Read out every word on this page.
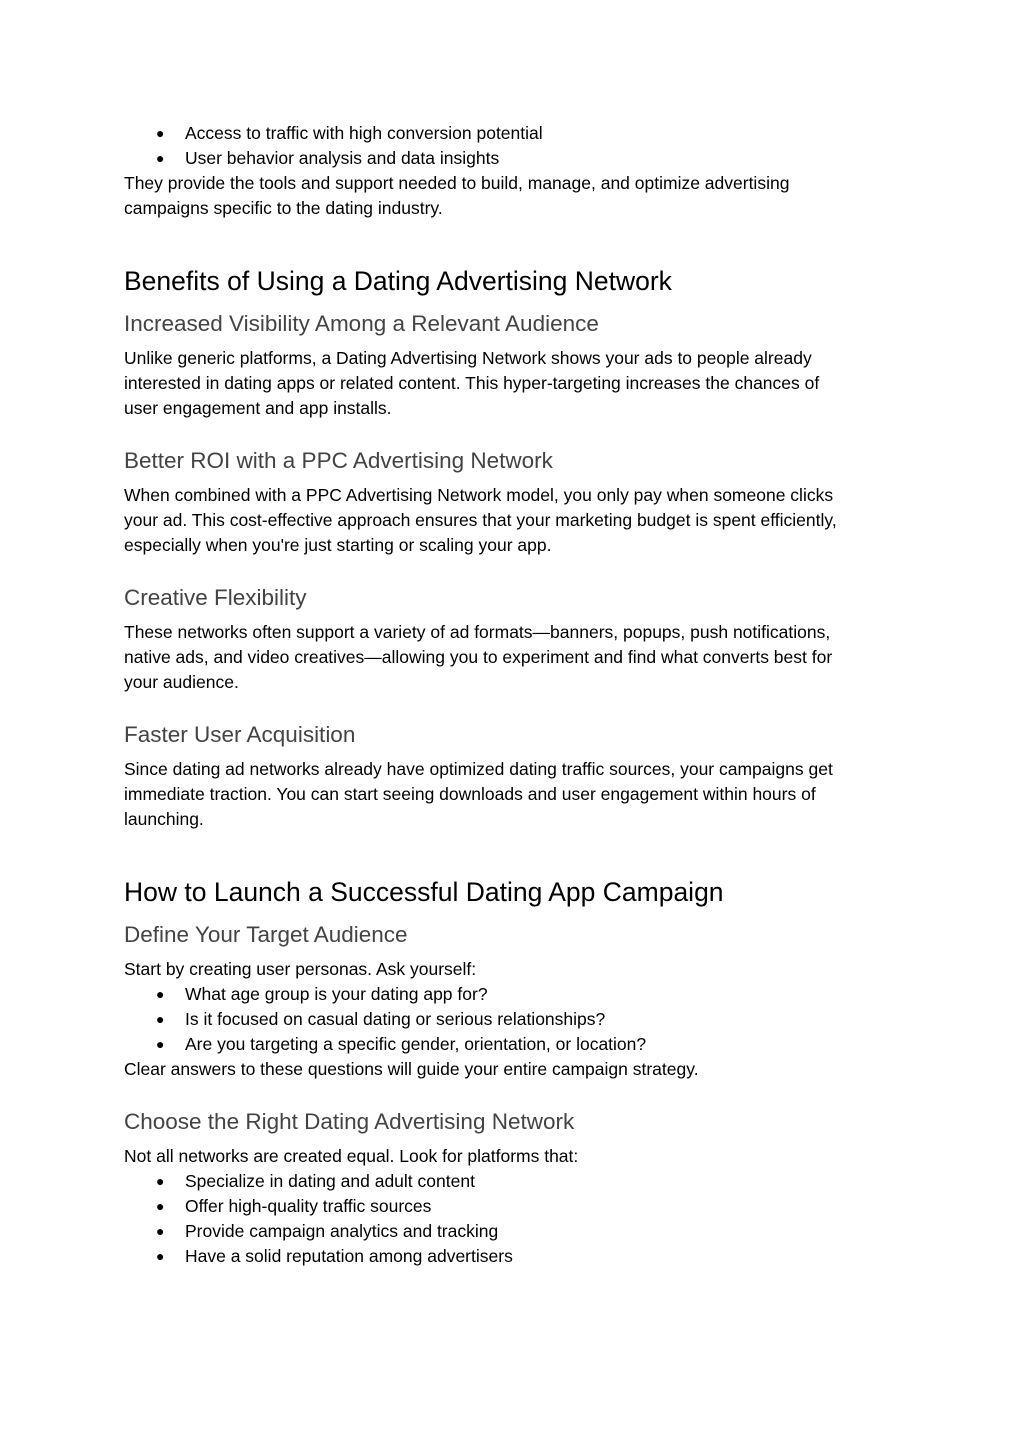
● Access to traffic with high conversion potential
● User behavior analysis and data insights

They provide the tools and support needed to build, manage, and optimize advertising
campaigns specific to the dating industry.

Benefits of Using a Dating Advertising Network
Increased Visibility Among a Relevant Audience

Unlike generic platforms, a Dating Advertising Network shows your ads to people already
interested in dating apps or related content. This hyper-targeting increases the chances of
user engagement and app installs.

Better ROI with a PPC Advertising Network

When combined with a PPC Advertising Network model, you only pay when someone clicks
your ad. This cost-effective approach ensures that your marketing budget is spent efficiently,
especially when you're just starting or scaling your app.

Creative Flexibility

These networks often support a variety of ad formats—banners, popups, push notifications,
native ads, and video creatives—allowing you to experiment and find what converts best for
your audience.

Faster User Acquisition

Since dating ad networks already have optimized dating traffic sources, your campaigns get
immediate traction. You can start seeing downloads and user engagement within hours of
launching.

How to Launch a Successful Dating App Campaign
Define Your Target Audience

Start by creating user personas. Ask yourself:

● What age group is your dating app for?
● Is it focused on casual dating or serious relationships?
● Are you targeting a specific gender, orientation, or location?

Clear answers to these questions will guide your entire campaign strategy.

Choose the Right Dating Advertising Network

Not all networks are created equal. Look for platforms that:

● Specialize in dating and adult content
● Offer high-quality traffic sources
● Provide campaign analytics and tracking
● Have a solid reputation among advertisers
